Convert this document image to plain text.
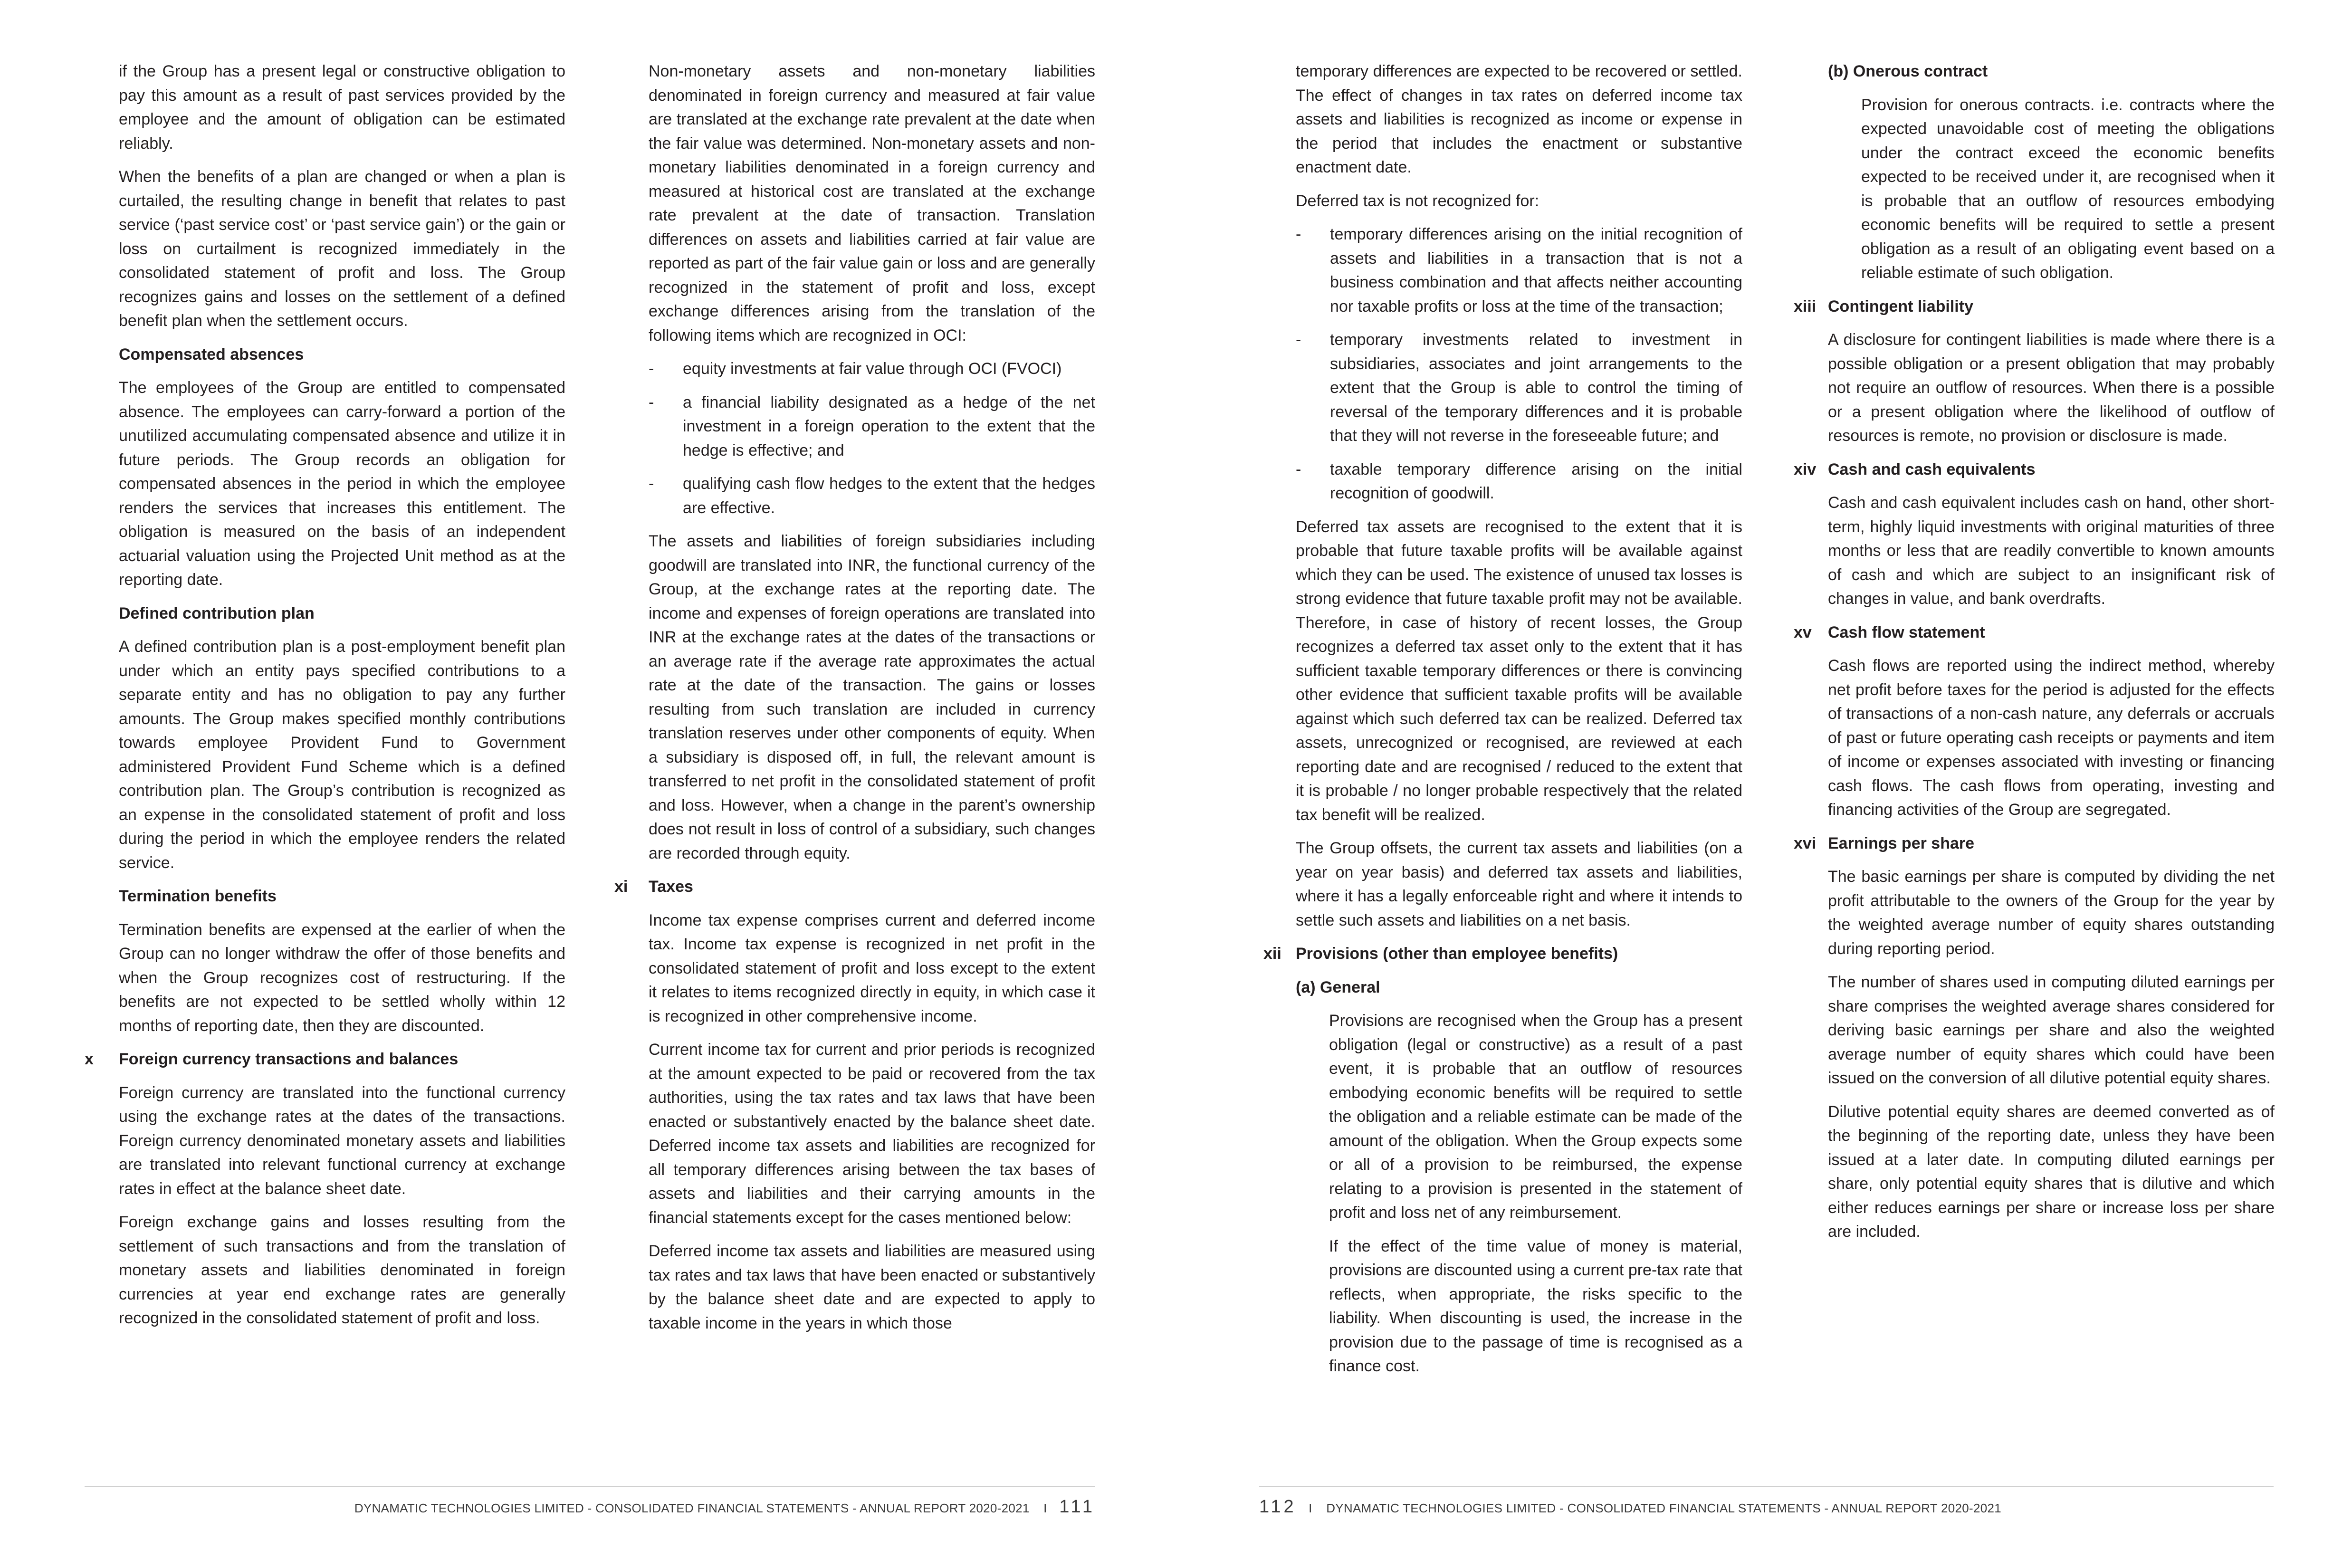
if the Group has a present legal or constructive obligation to pay this amount as a result of past services provided by the employee and the amount of obligation can be estimated reliably.

When the benefits of a plan are changed or when a plan is curtailed, the resulting change in benefit that relates to past service (‘past service cost’ or ‘past service gain’) or the gain or loss on curtailment is recognized immediately in the consolidated statement of profit and loss. The Group recognizes gains and losses on the settlement of a defined benefit plan when the settlement occurs.

Compensated absences

The employees of the Group are entitled to compensated absence. The employees can carry-forward a portion of the unutilized accumulating compensated absence and utilize it in future periods. The Group records an obligation for compensated absences in the period in which the employee renders the services that increases this entitlement. The obligation is measured on the basis of an independent actuarial valuation using the Projected Unit method as at the reporting date.

Defined contribution plan

A defined contribution plan is a post-employment benefit plan under which an entity pays specified contributions to a separate entity and has no obligation to pay any further amounts. The Group makes specified monthly contributions towards employee Provident Fund to Government administered Provident Fund Scheme which is a defined contribution plan. The Group’s contribution is recognized as an expense in the consolidated statement of profit and loss during the period in which the employee renders the related service.

Termination benefits

Termination benefits are expensed at the earlier of when the Group can no longer withdraw the offer of those benefits and when the Group recognizes cost of restructuring. If the benefits are not expected to be settled wholly within 12 months of reporting date, then they are discounted.

x Foreign currency transactions and balances

Foreign currency are translated into the functional currency using the exchange rates at the dates of the transactions. Foreign currency denominated monetary assets and liabilities are translated into relevant functional currency at exchange rates in effect at the balance sheet date.

Foreign exchange gains and losses resulting from the settlement of such transactions and from the translation of monetary assets and liabilities denominated in foreign currencies at year end exchange rates are generally recognized in the consolidated statement of profit and loss.

Non-monetary assets and non-monetary liabilities denominated in foreign currency and measured at fair value are translated at the exchange rate prevalent at the date when the fair value was determined. Non-monetary assets and non-monetary liabilities denominated in a foreign currency and measured at historical cost are translated at the exchange rate prevalent at the date of transaction. Translation differences on assets and liabilities carried at fair value are reported as part of the fair value gain or loss and are generally recognized in the statement of profit and loss, except exchange differences arising from the translation of the following items which are recognized in OCI:

- equity investments at fair value through OCI (FVOCI)
- a financial liability designated as a hedge of the net investment in a foreign operation to the extent that the hedge is effective; and
- qualifying cash flow hedges to the extent that the hedges are effective.

The assets and liabilities of foreign subsidiaries including goodwill are translated into INR, the functional currency of the Group, at the exchange rates at the reporting date. The income and expenses of foreign operations are translated into INR at the exchange rates at the dates of the transactions or an average rate if the average rate approximates the actual rate at the date of the transaction. The gains or losses resulting from such translation are included in currency translation reserves under other components of equity. When a subsidiary is disposed off, in full, the relevant amount is transferred to net profit in the consolidated statement of profit and loss. However, when a change in the parent’s ownership does not result in loss of control of a subsidiary, such changes are recorded through equity.

xi Taxes

Income tax expense comprises current and deferred income tax. Income tax expense is recognized in net profit in the consolidated statement of profit and loss except to the extent it relates to items recognized directly in equity, in which case it is recognized in other comprehensive income.

Current income tax for current and prior periods is recognized at the amount expected to be paid or recovered from the tax authorities, using the tax rates and tax laws that have been enacted or substantively enacted by the balance sheet date. Deferred income tax assets and liabilities are recognized for all temporary differences arising between the tax bases of assets and liabilities and their carrying amounts in the financial statements except for the cases mentioned below:

Deferred income tax assets and liabilities are measured using tax rates and tax laws that have been enacted or substantively by the balance sheet date and are expected to apply to taxable income in the years in which those

DYNAMATIC TECHNOLOGIES LIMITED - CONSOLIDATED FINANCIAL STATEMENTS - ANNUAL REPORT 2020-2021 I 111

temporary differences are expected to be recovered or settled. The effect of changes in tax rates on deferred income tax assets and liabilities is recognized as income or expense in the period that includes the enactment or substantive enactment date.

Deferred tax is not recognized for:

- temporary differences arising on the initial recognition of assets and liabilities in a transaction that is not a business combination and that affects neither accounting nor taxable profits or loss at the time of the transaction;
- temporary investments related to investment in subsidiaries, associates and joint arrangements to the extent that the Group is able to control the timing of reversal of the temporary differences and it is probable that they will not reverse in the foreseeable future; and
- taxable temporary difference arising on the initial recognition of goodwill.

Deferred tax assets are recognised to the extent that it is probable that future taxable profits will be available against which they can be used. The existence of unused tax losses is strong evidence that future taxable profit may not be available. Therefore, in case of history of recent losses, the Group recognizes a deferred tax asset only to the extent that it has sufficient taxable temporary differences or there is convincing other evidence that sufficient taxable profits will be available against which such deferred tax can be realized. Deferred tax assets, unrecognized or recognised, are reviewed at each reporting date and are recognised / reduced to the extent that it is probable / no longer probable respectively that the related tax benefit will be realized.

The Group offsets, the current tax assets and liabilities (on a year on year basis) and deferred tax assets and liabilities, where it has a legally enforceable right and where it intends to settle such assets and liabilities on a net basis.

xii Provisions (other than employee benefits)
(a) General

Provisions are recognised when the Group has a present obligation (legal or constructive) as a result of a past event, it is probable that an outflow of resources embodying economic benefits will be required to settle the obligation and a reliable estimate can be made of the amount of the obligation. When the Group expects some or all of a provision to be reimbursed, the expense relating to a provision is presented in the statement of profit and loss net of any reimbursement.

If the effect of the time value of money is material, provisions are discounted using a current pre-tax rate that reflects, when appropriate, the risks specific to the liability. When discounting is used, the increase in the provision due to the passage of time is recognised as a finance cost.

(b) Onerous contract

Provision for onerous contracts. i.e. contracts where the expected unavoidable cost of meeting the obligations under the contract exceed the economic benefits expected to be received under it, are recognised when it is probable that an outflow of resources embodying economic benefits will be required to settle a present obligation as a result of an obligating event based on a reliable estimate of such obligation.

xiii Contingent liability

A disclosure for contingent liabilities is made where there is a possible obligation or a present obligation that may probably not require an outflow of resources. When there is a possible or a present obligation where the likelihood of outflow of resources is remote, no provision or disclosure is made.

xiv Cash and cash equivalents

Cash and cash equivalent includes cash on hand, other short-term, highly liquid investments with original maturities of three months or less that are readily convertible to known amounts of cash and which are subject to an insignificant risk of changes in value, and bank overdrafts.

xv Cash flow statement

Cash flows are reported using the indirect method, whereby net profit before taxes for the period is adjusted for the effects of transactions of a non-cash nature, any deferrals or accruals of past or future operating cash receipts or payments and item of income or expenses associated with investing or financing cash flows. The cash flows from operating, investing and financing activities of the Group are segregated.

xvi Earnings per share

The basic earnings per share is computed by dividing the net profit attributable to the owners of the Group for the year by the weighted average number of equity shares outstanding during reporting period.

The number of shares used in computing diluted earnings per share comprises the weighted average shares considered for deriving basic earnings per share and also the weighted average number of equity shares which could have been issued on the conversion of all dilutive potential equity shares.

Dilutive potential equity shares are deemed converted as of the beginning of the reporting date, unless they have been issued at a later date. In computing diluted earnings per share, only potential equity shares that is dilutive and which either reduces earnings per share or increase loss per share are included.

112 I DYNAMATIC TECHNOLOGIES LIMITED - CONSOLIDATED FINANCIAL STATEMENTS - ANNUAL REPORT 2020-2021
